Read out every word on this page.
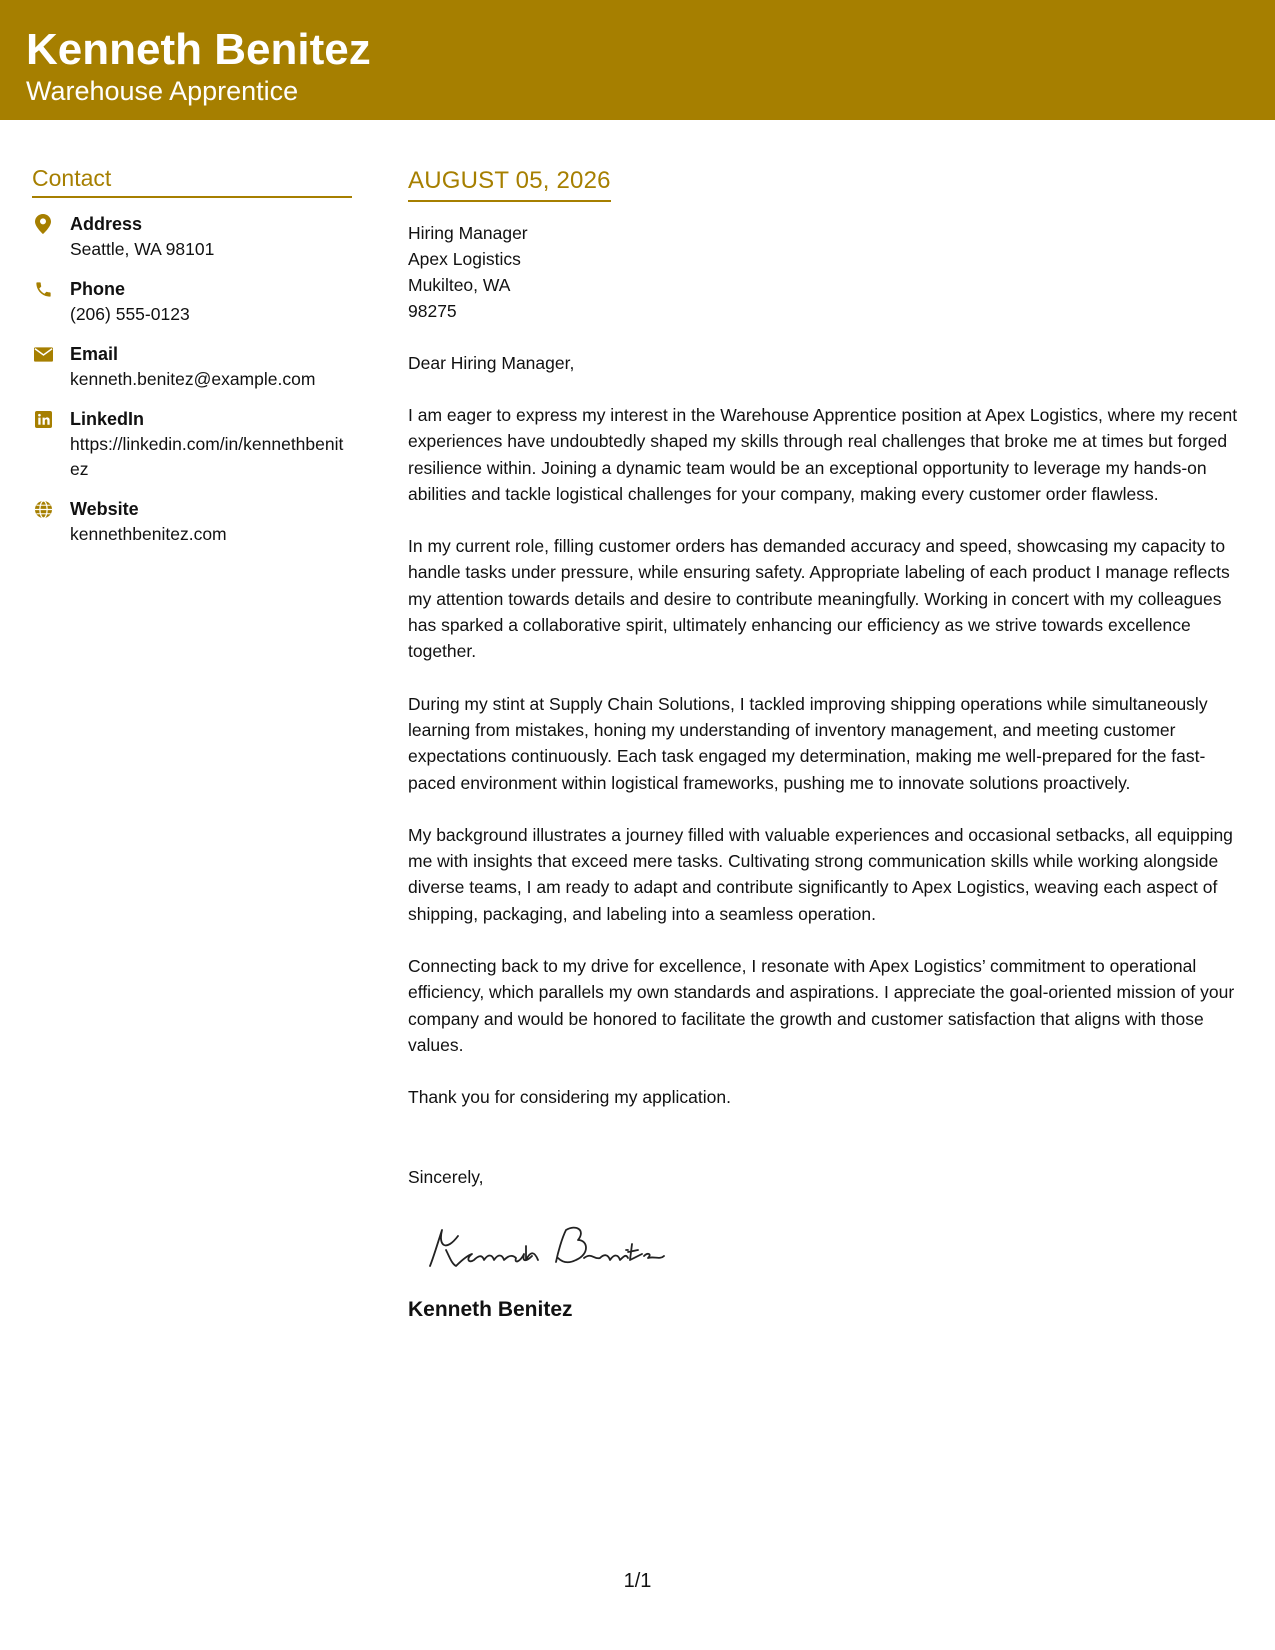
Kenneth Benitez
Warehouse Apprentice
Contact
Address
Seattle, WA 98101
Phone
(206) 555-0123
Email
kenneth.benitez@example.com
LinkedIn
https://linkedin.com/in/kennethbenitez
Website
kennethbenitez.com
AUGUST 05, 2026
Hiring Manager
Apex Logistics
Mukilteo, WA
98275
Dear Hiring Manager,
I am eager to express my interest in the Warehouse Apprentice position at Apex Logistics, where my recent experiences have undoubtedly shaped my skills through real challenges that broke me at times but forged resilience within. Joining a dynamic team would be an exceptional opportunity to leverage my hands-on abilities and tackle logistical challenges for your company, making every customer order flawless.
In my current role, filling customer orders has demanded accuracy and speed, showcasing my capacity to handle tasks under pressure, while ensuring safety. Appropriate labeling of each product I manage reflects my attention towards details and desire to contribute meaningfully. Working in concert with my colleagues has sparked a collaborative spirit, ultimately enhancing our efficiency as we strive towards excellence together.
During my stint at Supply Chain Solutions, I tackled improving shipping operations while simultaneously learning from mistakes, honing my understanding of inventory management, and meeting customer expectations continuously. Each task engaged my determination, making me well-prepared for the fast-paced environment within logistical frameworks, pushing me to innovate solutions proactively.
My background illustrates a journey filled with valuable experiences and occasional setbacks, all equipping me with insights that exceed mere tasks. Cultivating strong communication skills while working alongside diverse teams, I am ready to adapt and contribute significantly to Apex Logistics, weaving each aspect of shipping, packaging, and labeling into a seamless operation.
Connecting back to my drive for excellence, I resonate with Apex Logistics’ commitment to operational efficiency, which parallels my own standards and aspirations. I appreciate the goal-oriented mission of your company and would be honored to facilitate the growth and customer satisfaction that aligns with those values.
Thank you for considering my application.
Sincerely,
Kenneth Benitez
1/1
